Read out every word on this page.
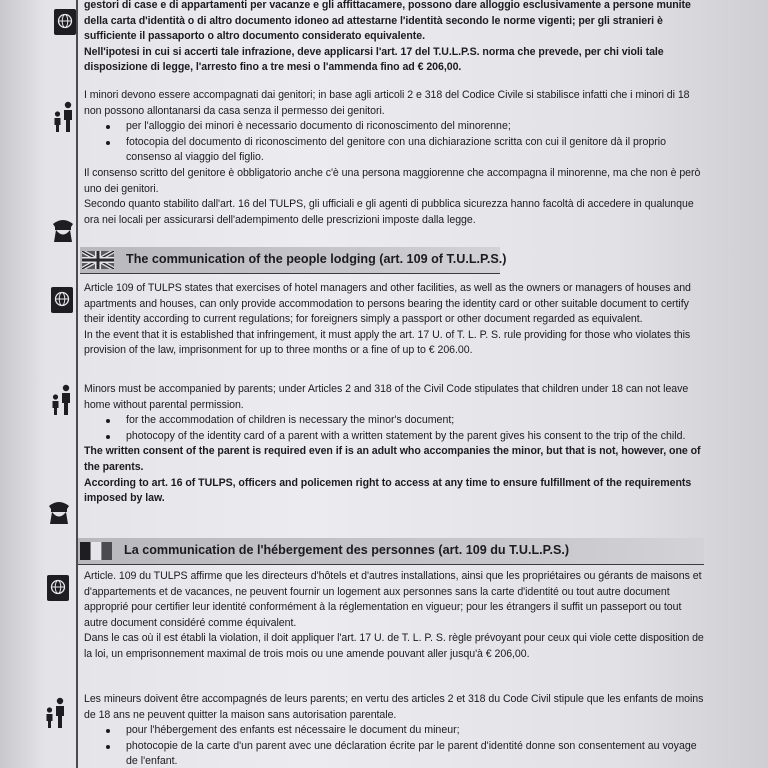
gestori di case e di appartamenti per vacanze e gli affittacamere, possono dare alloggio esclusivamente a persone munite della carta d'identità o di altro documento idoneo ad attestarne l'identità secondo le norme vigenti; per gli stranieri è sufficiente il passaporto o altro documento considerato equivalente.

Nell'ipotesi in cui si accerti tale infrazione, deve applicarsi l'art. 17 del T.U.L.P.S. norma che prevede, per chi violi tale disposizione di legge, l'arresto fino a tre mesi o l'ammenda fino ad € 206,00.

I minori devono essere accompagnati dai genitori; in base agli articoli 2 e 318 del Codice Civile si stabilisce infatti che i minori di 18 non possono allontanarsi da casa senza il permesso dei genitori.

per l'alloggio dei minori è necessario documento di riconoscimento del minorenne;
fotocopia del documento di riconoscimento del genitore con una dichiarazione scritta con cui il genitore dà il proprio consenso al viaggio del figlio.

Il consenso scritto del genitore è obbligatorio anche c'è una persona maggiorenne che accompagna il minorenne, ma che non è però uno dei genitori.

Secondo quanto stabilito dall'art. 16 del TULPS, gli ufficiali e gli agenti di pubblica sicurezza hanno facoltà di accedere in qualunque ora nei locali per assicurarsi dell'adempimento delle prescrizioni imposte dalla legge.

The communication of the people lodging (art. 109 of T.U.L.P.S.)

Article 109 of TULPS states that exercises of hotel managers and other facilities, as well as the owners or managers of houses and apartments and houses, can only provide accommodation to persons bearing the identity card or other suitable document to certify their identity according to current regulations; for foreigners simply a passport or other document regarded as equivalent.

In the event that it is established that infringement, it must apply the art. 17 U. of T. L. P. S. rule providing for those who violates this provision of the law, imprisonment for up to three months or a fine of up to € 206.00.

Minors must be accompanied by parents; under Articles 2 and 318 of the Civil Code stipulates that children under 18 can not leave home without parental permission.

for the accommodation of children is necessary the minor's document;
photocopy of the identity card of a parent with a written statement by the parent gives his consent to the trip of the child.

The written consent of the parent is required even if is an adult who accompanies the minor, but that is not, however, one of the parents.

According to art. 16 of TULPS, officers and policemen right to access at any time to ensure fulfillment of the requirements imposed by law.

La communication de l'hébergement des personnes (art. 109 du T.U.L.P.S.)

Article. 109 du TULPS affirme que les directeurs d'hôtels et d'autres installations, ainsi que les propriétaires ou gérants de maisons et d'appartements et de vacances, ne peuvent fournir un logement aux personnes sans la carte d'identité ou tout autre document approprié pour certifier leur identité conformément à la réglementation en vigueur; pour les étrangers il suffit un passeport ou tout autre document considéré comme équivalent.

Dans le cas où il est établi la violation, il doit appliquer l'art. 17 U. de T. L. P. S. règle prévoyant pour ceux qui viole cette disposition de la loi, un emprisonnement maximal de trois mois ou une amende pouvant aller jusqu'à € 206,00.

Les mineurs doivent être accompagnés de leurs parents; en vertu des articles 2 et 318 du Code Civil stipule que les enfants de moins de 18 ans ne peuvent quitter la maison sans autorisation parentale.

pour l'hébergement des enfants est nécessaire le document du mineur;
photocopie de la carte d'un parent avec une déclaration écrite par le parent d'identité donne son consentement au voyage de l'enfant.
